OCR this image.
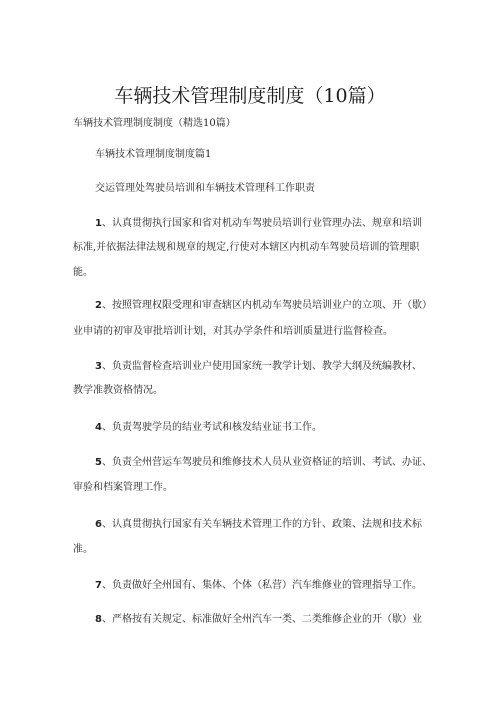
车辆技术管理制度制度（10篇）
车辆技术管理制度制度（精选10篇）
车辆技术管理制度制度篇1
交运管理处驾驶员培训和车辆技术管理科工作职责
1、认真贯彻执行国家和省对机动车驾驶员培训行业管理办法、规章和培训
标准,并依据法律法规和规章的规定,行使对本辖区内机动车驾驶员培训的管理职
能。
2、按照管理权限受理和审查辖区内机动车驾驶员培训业户的立项、开（歇）
业申请的初审及审批培训计划，对其办学条件和培训质量进行监督检查。
3、负责监督检查培训业户使用国家统一教学计划、教学大纲及统编教材、
教学准教资格情况。
4、负责驾驶学员的结业考试和核发结业证书工作。
5、负责全州营运车驾驶员和维修技术人员从业资格证的培训、考试、办证、
审验和档案管理工作。
6、认真贯彻执行国家有关车辆技术管理工作的方针、政策、法规和技术标
准。
7、负责做好全州国有、集体、个体（私营）汽车维修业的管理指导工作。
8、严格按有关规定、标准做好全州汽车一类、二类维修企业的开（歇）业
